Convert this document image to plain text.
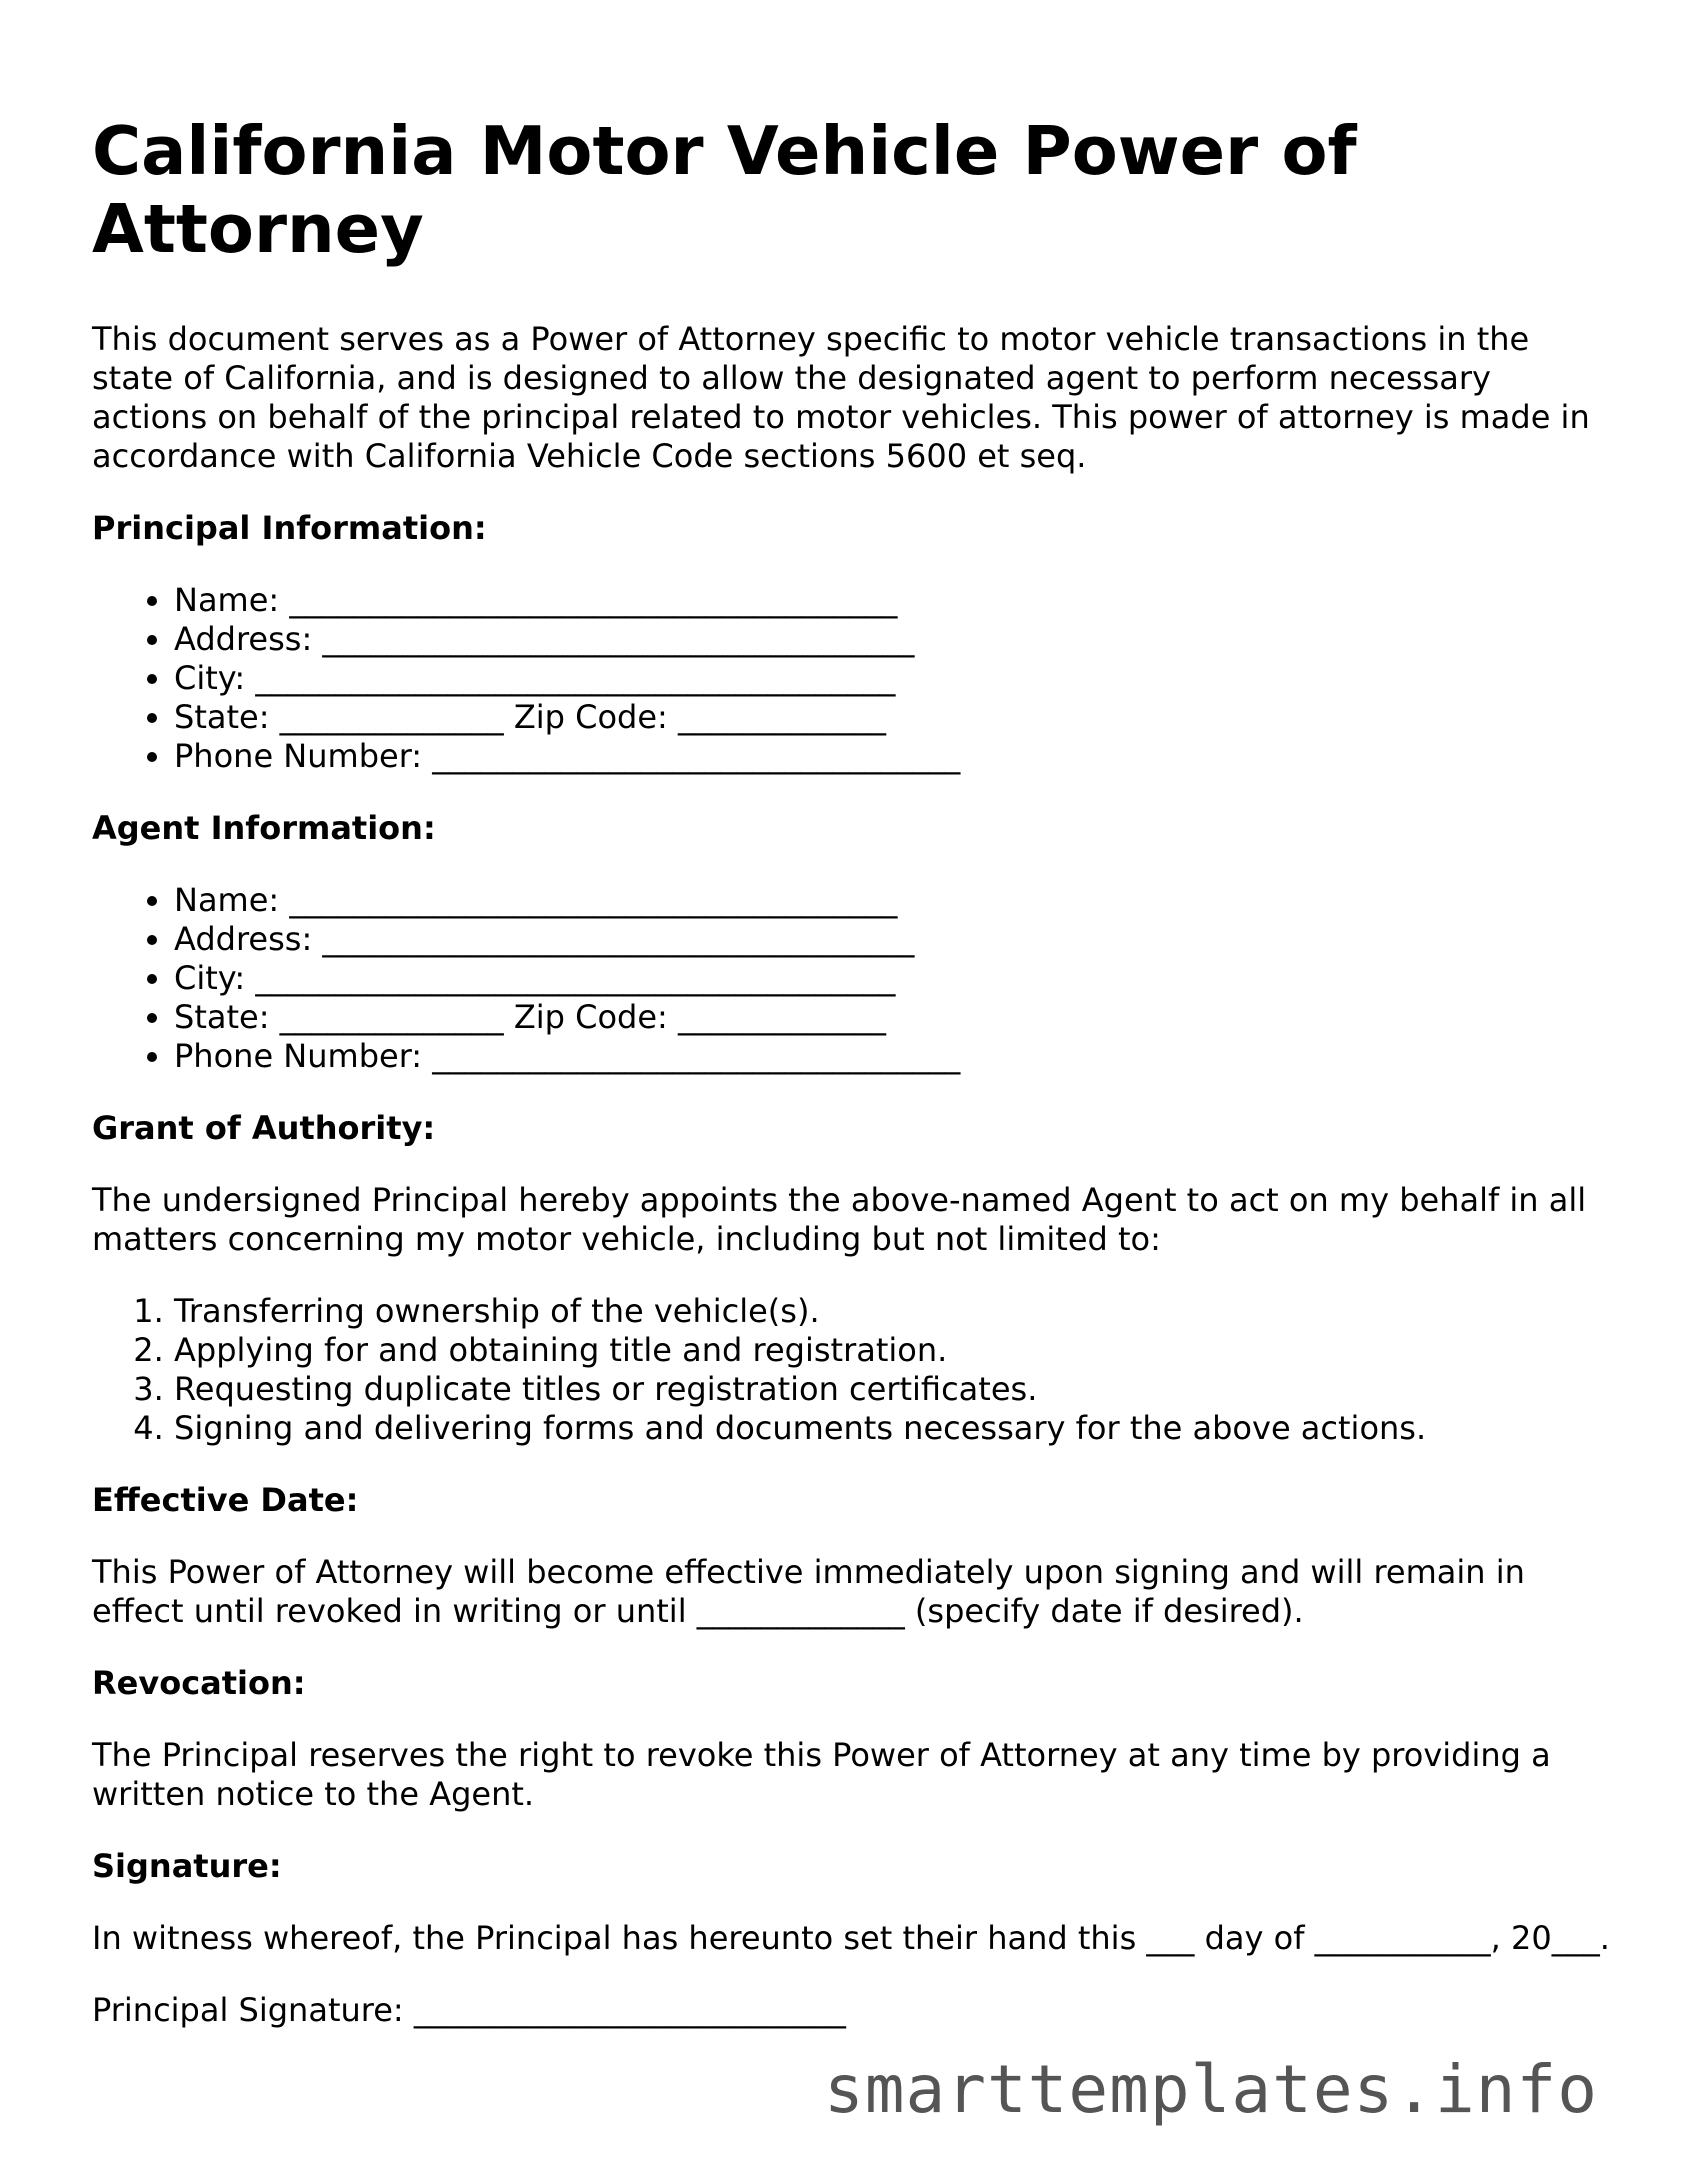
California Motor Vehicle Power of Attorney

This document serves as a Power of Attorney specific to motor vehicle transactions in the state of California, and is designed to allow the designated agent to perform necessary actions on behalf of the principal related to motor vehicles. This power of attorney is made in accordance with California Vehicle Code sections 5600 et seq.

Principal Information:
• Name: ______________________________________
• Address: _____________________________________
• City: ________________________________________
• State: ______________ Zip Code: _____________
• Phone Number: _________________________________
Agent Information:
• Name: ______________________________________
• Address: _____________________________________
• City: ________________________________________
• State: ______________ Zip Code: _____________
• Phone Number: _________________________________
Grant of Authority:

The undersigned Principal hereby appoints the above-named Agent to act on my behalf in all matters concerning my motor vehicle, including but not limited to:

1. Transferring ownership of the vehicle(s).
2. Applying for and obtaining title and registration.
3. Requesting duplicate titles or registration certificates.
4. Signing and delivering forms and documents necessary for the above actions.
Effective Date:

This Power of Attorney will become effective immediately upon signing and will remain in effect until revoked in writing or until _____________ (specify date if desired).

Revocation:

The Principal reserves the right to revoke this Power of Attorney at any time by providing a written notice to the Agent.

Signature:

In witness whereof, the Principal has hereunto set their hand this ___ day of ___________, 20___.

Principal Signature: ___________________________

smarttemplates.info
